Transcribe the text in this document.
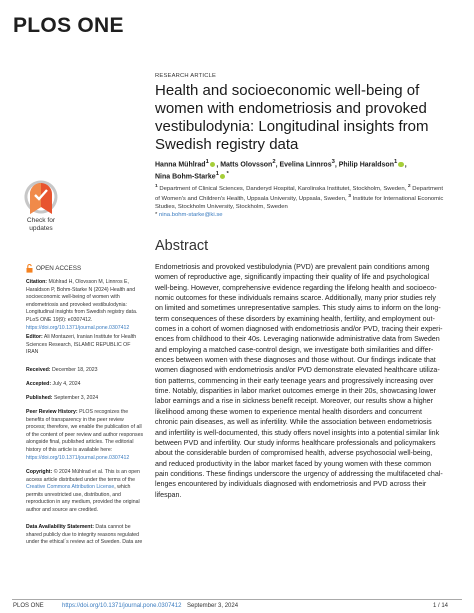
PLOS ONE
Check for
updates
OPEN ACCESS

Citation: Mühlrad H, Olovsson M, Linnros E, Haraldson P, Bohm-Starke N (2024) Health and socioeconomic well-being of women with endometriosis and provoked vestibulodynia: Longitudinal insights from Swedish registry data. PLoS ONE 19(9): e0307412. https://doi.org/10.1371/journal.pone.0307412

Editor: Ali Montazeri, Iranian Institute for Health Sciences Research, ISLAMIC REPUBLIC OF IRAN

Received: December 18, 2023

Accepted: July 4, 2024

Published: September 3, 2024

Peer Review History: PLOS recognizes the benefits of transparency in the peer review process; therefore, we enable the publication of all of the content of peer review and author responses alongside final, published articles. The editorial history of this article is available here: https://doi.org/10.1371/journal.pone.0307412

Copyright: © 2024 Mühlrad et al. This is an open access article distributed under the terms of the Creative Commons Attribution License, which permits unrestricted use, distribution, and reproduction in any medium, provided the original author and source are credited.

Data Availability Statement: Data cannot be shared publicly due to integrity reasons regulated under the ethical´s review act of Sweden. Data are

RESEARCH ARTICLE
Health and socioeconomic well-being of women with endometriosis and provoked vestibulodynia: Longitudinal insights from Swedish registry data
Hanna Mühlrad$^1$ , Matts Olovsson$^2$, Evelina Linnros$^3$, Philip Haraldson$^1$ ,
Nina Bohm-Starke$^1$ *
$^1$ Department of Clinical Sciences, Danderyd Hospital, Karolinska Institutet, Stockholm, Sweden, $^2$ Department of Women's and Children's Health, Uppsala University, Uppsala, Sweden, $^3$ Institute for International Economic Studies, Stockholm University, Stockholm, Sweden
* nina.bohm-starke@ki.se
Abstract
Endometriosis and provoked vestibulodynia (PVD) are prevalent pain conditions among women of reproductive age, significantly impacting their quality of life and psychological well-being. However, comprehensive evidence regarding the lifelong health and socioeco-nomic outcomes for these individuals remains scarce. Additionally, many prior studies rely on limited and sometimes unrepresentative samples. This study aims to inform on the long-term consequences of these disorders by examining health, fertility, and employment out-comes in a cohort of women diagnosed with endometriosis and/or PVD, tracing their experi-ences from childhood to their 40s. Leveraging nationwide administrative data from Sweden and employing a matched case-control design, we investigate both similarities and differ-ences between women with these diagnoses and those without. Our findings indicate that women diagnosed with endometriosis and/or PVD demonstrate elevated healthcare utiliza-tion patterns, commencing in their early teenage years and progressively increasing over time. Notably, disparities in labor market outcomes emerge in their 20s, showcasing lower labor earnings and a rise in sickness benefit receipt. Moreover, our results show a higher likelihood among these women to experience mental health disorders and concurrent chronic pain diseases, as well as infertility. While the association between endometriosis and infertility is well-documented, this study offers novel insights into a potential similar link between PVD and infertility. Our study informs healthcare professionals and policymakers about the considerable burden of compromised health, adverse psychosocial well-being, and reduced productivity in the labor market faced by young women with these common pain conditions. These findings underscore the urgency of addressing the multifaceted chal-lenges encountered by individuals diagnosed with endometriosis and PVD across their lifespan.
PLOS ONE	https://doi.org/10.1371/journal.pone.0307412 September 3, 2024	1 / 14
